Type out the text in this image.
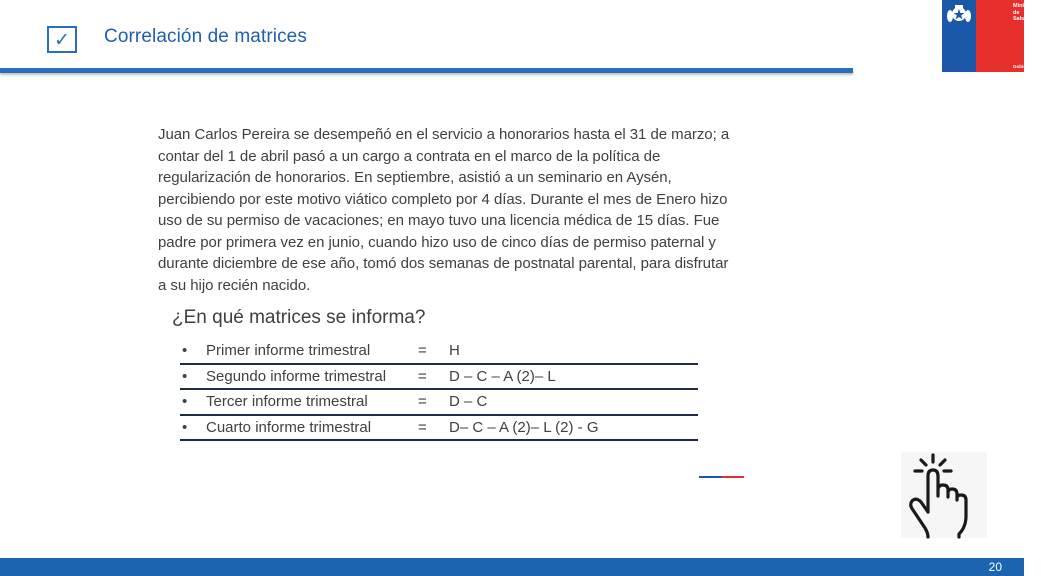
✓	Correlación de matrices
Ministerio de
Salud
Gobierno de Chile

Juan Carlos Pereira se desempeñó en el servicio a honorarios hasta el 31 de marzo; a contar del 1 de abril pasó a un cargo a contrata en el marco de la política de regularización de honorarios. En septiembre, asistió a un seminario en Aysén, percibiendo por este motivo viático completo por 4 días. Durante el mes de Enero hizo uso de su permiso de vacaciones; en mayo tuvo una licencia médica de 15 días. Fue padre por primera vez en junio, cuando hizo uso de cinco días de permiso paternal y durante diciembre de ese año, tomó dos semanas de postnatal parental, para disfrutar a su hijo recién nacido.

¿En qué matrices se informa?
•	Primer informe trimestral	=	H
•	Segundo informe trimestral	=	D – C – A (2)– L
•	Tercer informe trimestral	=	D – C
•	Cuarto informe trimestral	=	D– C – A (2)– L (2) - G
20
